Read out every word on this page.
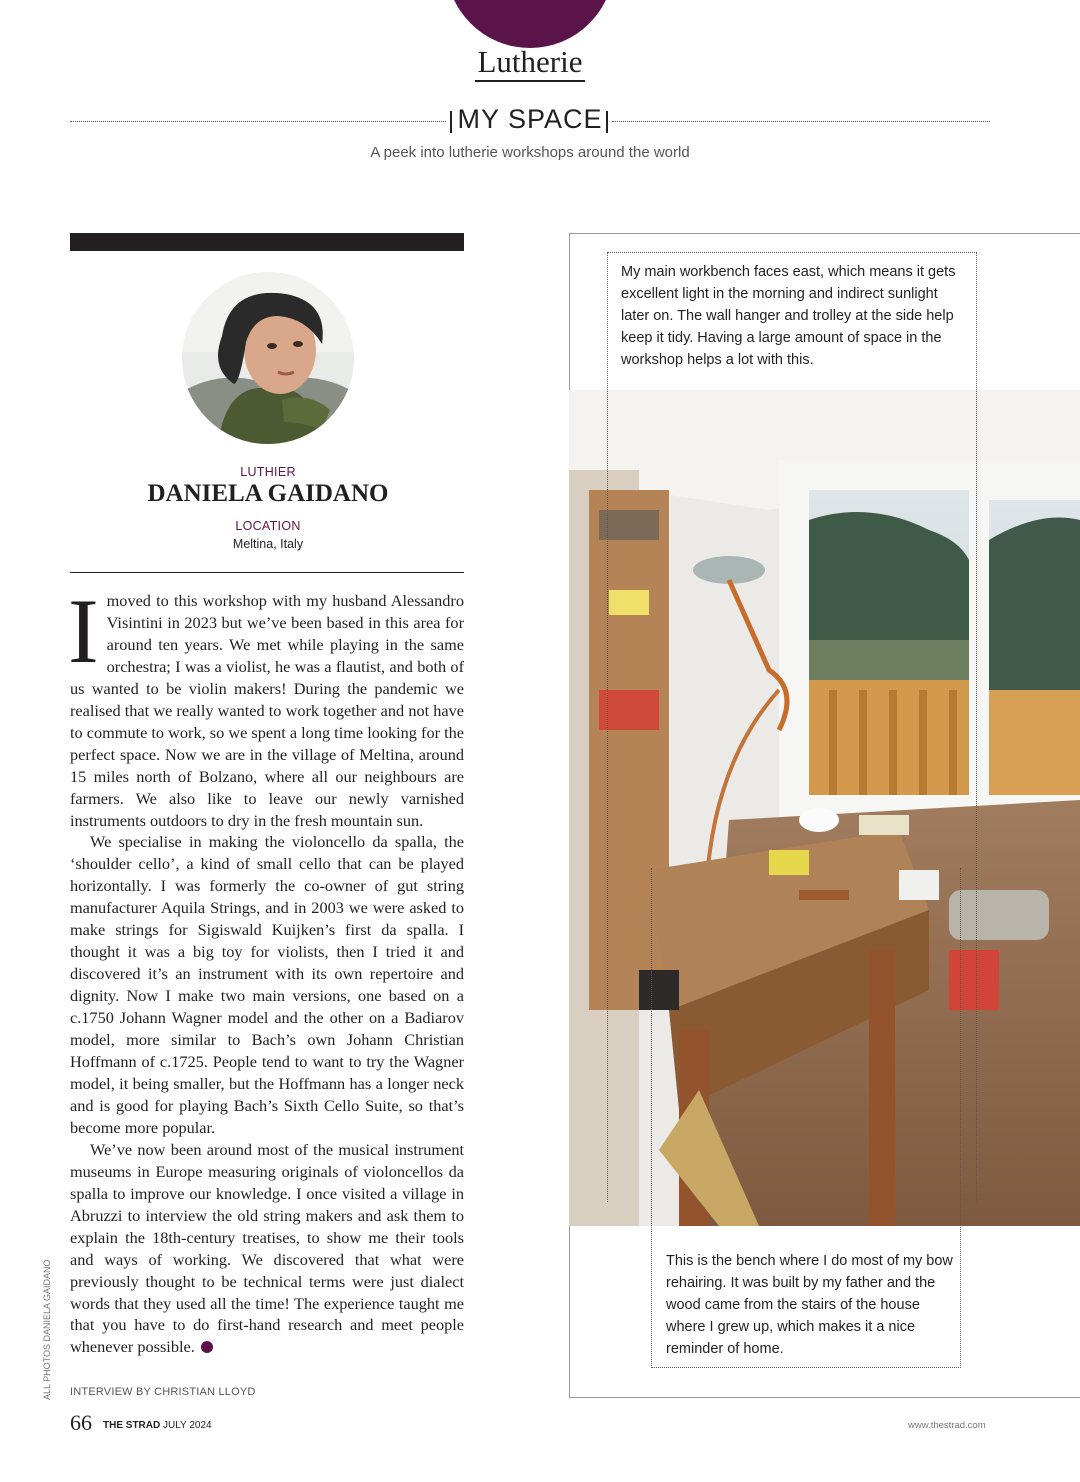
Lutherie
MY SPACE
A peek into lutherie workshops around the world
LUTHIER
DANIELA GAIDANO
LOCATION
Meltina, Italy

Imoved to this workshop with my husband Alessandro Visintini in 2023 but we’ve been based in this area for around ten years. We met while playing in the same orchestra; I was a violist, he was a flautist, and both of us wanted to be violin makers! During the pandemic we realised that we really wanted to work together and not have to commute to work, so we spent a long time looking for the perfect space. Now we are in the village of Meltina, around 15 miles north of Bolzano, where all our neighbours are farmers. We also like to leave our newly varnished instruments outdoors to dry in the fresh mountain sun.

We specialise in making the violoncello da spalla, the ‘shoulder cello’, a kind of small cello that can be played horizontally. I was formerly the co-owner of gut string manufacturer Aquila Strings, and in 2003 we were asked to make strings for Sigiswald Kuijken’s first da spalla. I thought it was a big toy for violists, then I tried it and discovered it’s an instrument with its own repertoire and dignity. Now I make two main versions, one based on a c.1750 Johann Wagner model and the other on a Badiarov model, more similar to Bach’s own Johann Christian Hoffmann of c.1725. People tend to want to try the Wagner model, it being smaller, but the Hoffmann has a longer neck and is good for playing Bach’s Sixth Cello Suite, so that’s become more popular.

We’ve now been around most of the musical instrument museums in Europe measuring originals of violoncellos da spalla to improve our knowledge. I once visited a village in Abruzzi to interview the old string makers and ask them to explain the 18th-century treatises, to show me their tools and ways of working. We discovered that what were previously thought to be technical terms were just dialect words that they used all the time! The experience taught me that you have to do first-hand research and meet people whenever possible.

INTERVIEW BY CHRISTIAN LLOYD
ALL PHOTOS DANIELA GAIDANO
66 THE STRAD JULY 2024	www.thestrad.com
My main workbench faces east, which means it gets excellent light in the morning and indirect sunlight later on. The wall hanger and trolley at the side help keep it tidy. Having a large amount of space in the workshop helps a lot with this.
This is the bench where I do most of my bow rehairing. It was built by my father and the wood came from the stairs of the house where I grew up, which makes it a nice reminder of home.
